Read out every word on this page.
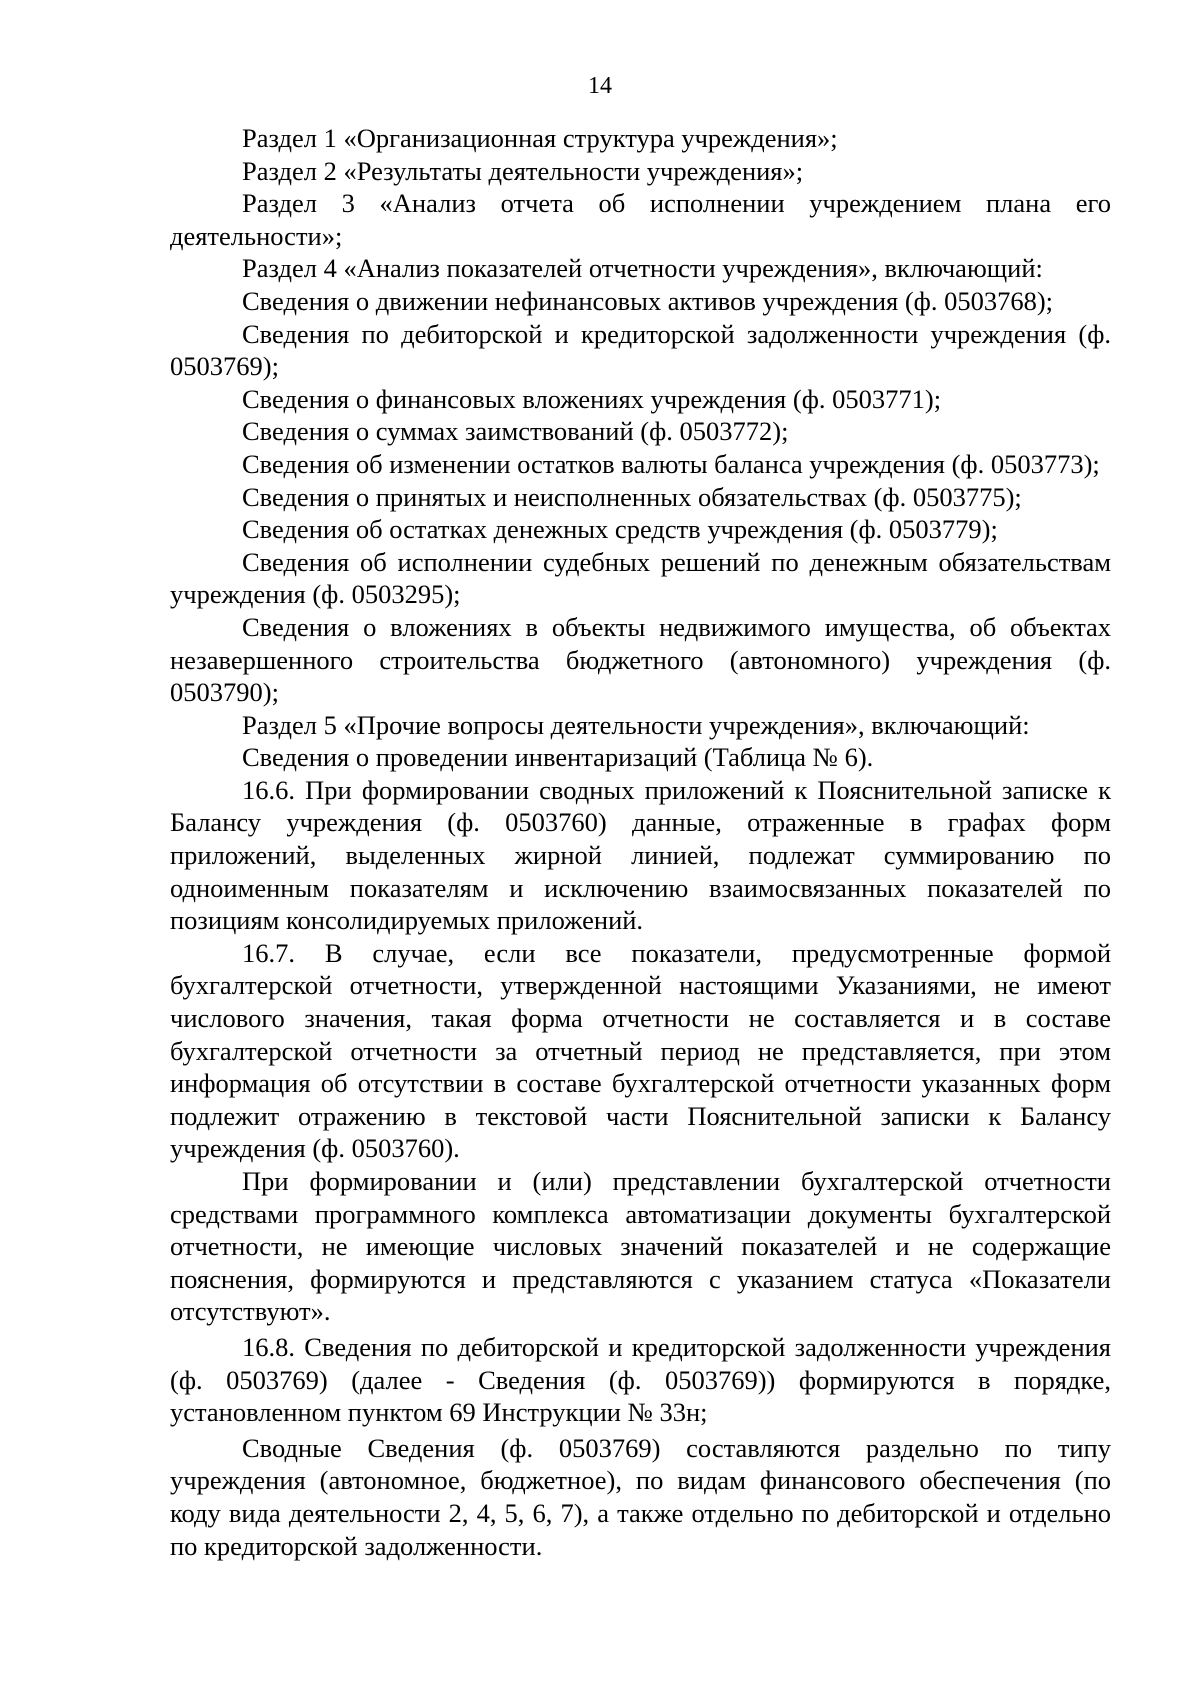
14

Раздел 1 «Организационная структура учреждения»;

Раздел 2 «Результаты деятельности учреждения»;

Раздел 3 «Анализ отчета об исполнении учреждением плана его деятельности»;

Раздел 4 «Анализ показателей отчетности учреждения», включающий:

Сведения о движении нефинансовых активов учреждения (ф. 0503768);

Сведения по дебиторской и кредиторской задолженности учреждения (ф. 0503769);

Сведения о финансовых вложениях учреждения (ф. 0503771);

Сведения о суммах заимствований (ф. 0503772);

Сведения об изменении остатков валюты баланса учреждения (ф. 0503773);

Сведения о принятых и неисполненных обязательствах (ф. 0503775);

Сведения об остатках денежных средств учреждения (ф. 0503779);

Сведения об исполнении судебных решений по денежным обязательствам учреждения (ф. 0503295);

Сведения о вложениях в объекты недвижимого имущества, об объектах незавершенного строительства бюджетного (автономного) учреждения (ф. 0503790);

Раздел 5 «Прочие вопросы деятельности учреждения», включающий:

Сведения о проведении инвентаризаций (Таблица № 6).

16.6. При формировании сводных приложений к Пояснительной записке к Балансу учреждения (ф. 0503760) данные, отраженные в графах форм приложений, выделенных жирной линией, подлежат суммированию по одноименным показателям и исключению взаимосвязанных показателей по позициям консолидируемых приложений.

16.7. В случае, если все показатели, предусмотренные формой бухгалтерской отчетности, утвержденной настоящими Указаниями, не имеют числового значения, такая форма отчетности не составляется и в составе бухгалтерской отчетности за отчетный период не представляется, при этом информация об отсутствии в составе бухгалтерской отчетности указанных форм подлежит отражению в текстовой части Пояснительной записки к Балансу учреждения (ф. 0503760).

При формировании и (или) представлении бухгалтерской отчетности средствами программного комплекса автоматизации документы бухгалтерской отчетности, не имеющие числовых значений показателей и не содержащие пояснения, формируются и представляются с указанием статуса «Показатели отсутствуют».

16.8. Сведения по дебиторской и кредиторской задолженности учреждения (ф. 0503769) (далее - Сведения (ф. 0503769)) формируются в порядке, установленном пунктом 69 Инструкции № 33н;

Сводные Сведения (ф. 0503769) составляются раздельно по типу учреждения (автономное, бюджетное), по видам финансового обеспечения (по коду вида деятельности 2, 4, 5, 6, 7), а также отдельно по дебиторской и отдельно по кредиторской задолженности.
